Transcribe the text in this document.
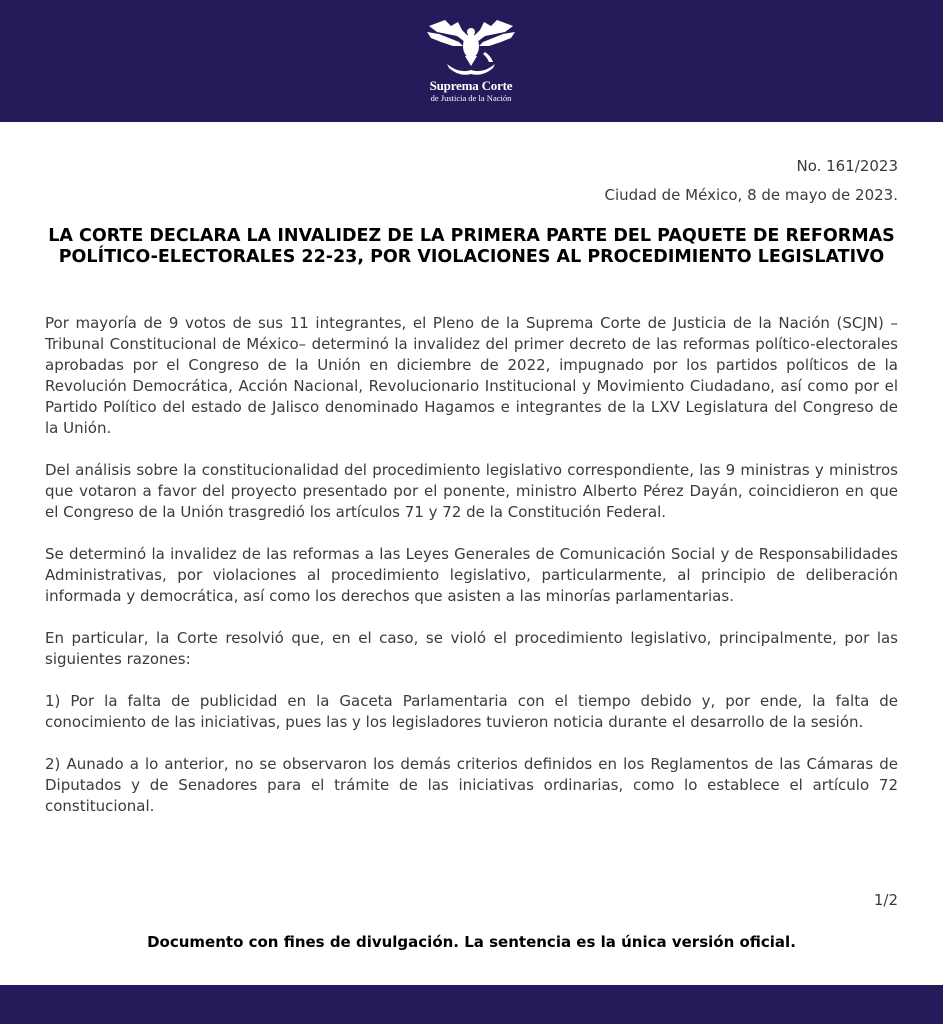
Suprema Corte
de Justicia de la Nación
No. 161/2023
Ciudad de México, 8 de mayo de 2023.
LA CORTE DECLARA LA INVALIDEZ DE LA PRIMERA PARTE DEL PAQUETE DE REFORMAS POLÍTICO-ELECTORALES 22-23, POR VIOLACIONES AL PROCEDIMIENTO LEGISLATIVO

Por mayoría de 9 votos de sus 11 integrantes, el Pleno de la Suprema Corte de Justicia de la Nación (SCJN) –Tribunal Constitucional de México– determinó la invalidez del primer decreto de las reformas político-electorales aprobadas por el Congreso de la Unión en diciembre de 2022, impugnado por los partidos políticos de la Revolución Democrática, Acción Nacional, Revolucionario Institucional y Movimiento Ciudadano, así como por el Partido Político del estado de Jalisco denominado Hagamos e integrantes de la LXV Legislatura del Congreso de la Unión.

Del análisis sobre la constitucionalidad del procedimiento legislativo correspondiente, las 9 ministras y ministros que votaron a favor del proyecto presentado por el ponente, ministro Alberto Pérez Dayán, coincidieron en que el Congreso de la Unión trasgredió los artículos 71 y 72 de la Constitución Federal.

Se determinó la invalidez de las reformas a las Leyes Generales de Comunicación Social y de Responsabilidades Administrativas, por violaciones al procedimiento legislativo, particularmente, al principio de deliberación informada y democrática, así como los derechos que asisten a las minorías parlamentarias.

En particular, la Corte resolvió que, en el caso, se violó el procedimiento legislativo, principalmente, por las siguientes razones:

1) Por la falta de publicidad en la Gaceta Parlamentaria con el tiempo debido y, por ende, la falta de conocimiento de las iniciativas, pues las y los legisladores tuvieron noticia durante el desarrollo de la sesión.

2) Aunado a lo anterior, no se observaron los demás criterios definidos en los Reglamentos de las Cámaras de Diputados y de Senadores para el trámite de las iniciativas ordinarias, como lo establece el artículo 72 constitucional.

1/2
Documento con fines de divulgación. La sentencia es la única versión oficial.
